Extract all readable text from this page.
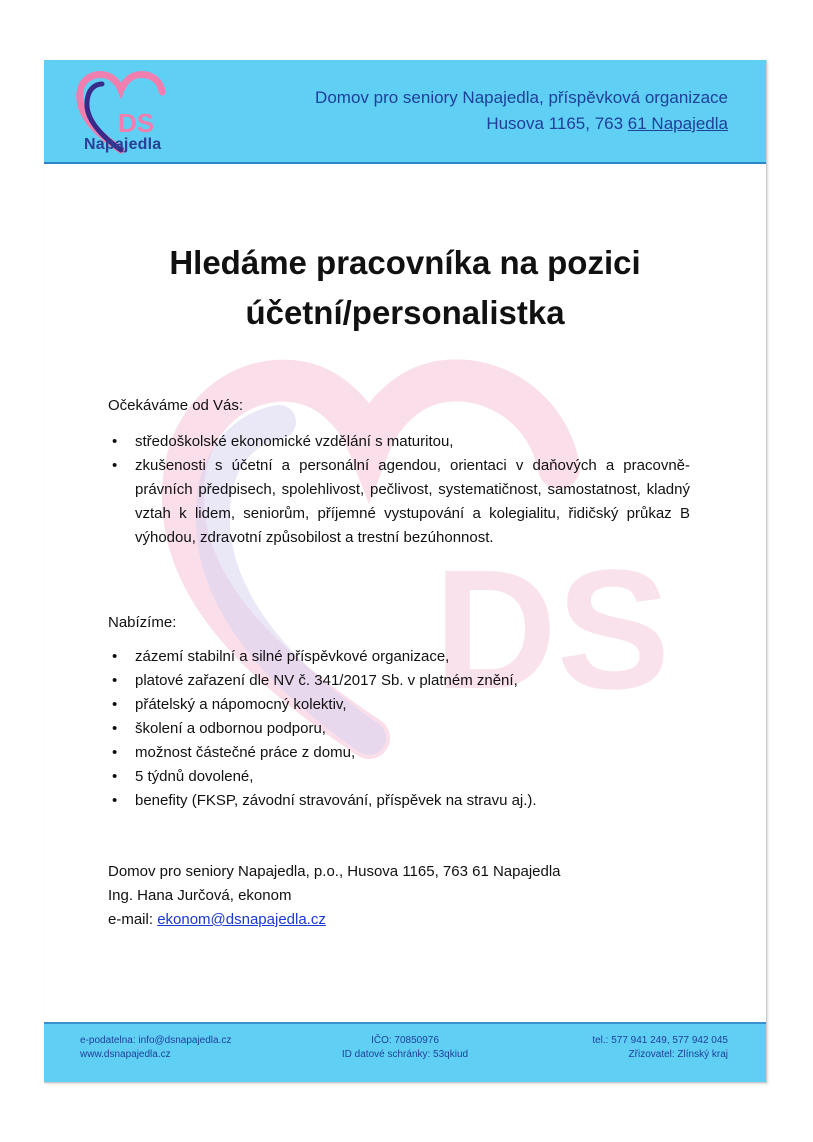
DS
Napajedla
Domov pro seniory Napajedla, příspěvková organizace
Husova 1165, 763 61 Napajedla
DS
Hledáme pracovníka na pozici
účetní/personalistka
Očekáváme od Vás:
• středoškolské ekonomické vzdělání s maturitou,
• zkušenosti s účetní a personální agendou, orientaci v daňových a pracovně-právních předpisech, spolehlivost, pečlivost, systematičnost, samostatnost, kladný vztah k lidem, seniorům, příjemné vystupování a kolegialitu, řidičský průkaz B výhodou, zdravotní způsobilost a trestní bezúhonnost.
Nabízíme:
• zázemí stabilní a silné příspěvkové organizace,
• platové zařazení dle NV č. 341/2017 Sb. v platném znění,
• přátelský a nápomocný kolektiv,
• školení a odbornou podporu,
• možnost částečné práce z domu,
• 5 týdnů dovolené,
• benefity (FKSP, závodní stravování, příspěvek na stravu aj.).
Domov pro seniory Napajedla, p.o., Husova 1165, 763 61 Napajedla
Ing. Hana Jurčová, ekonom
e-mail: ekonom@dsnapajedla.cz
e-podatelna: info@dsnapajedla.cz
www.dsnapajedla.cz
IČO: 70850976
ID datové schránky: 53qkiud
tel.: 577 941 249, 577 942 045
Zřizovatel: Zlínský kraj
